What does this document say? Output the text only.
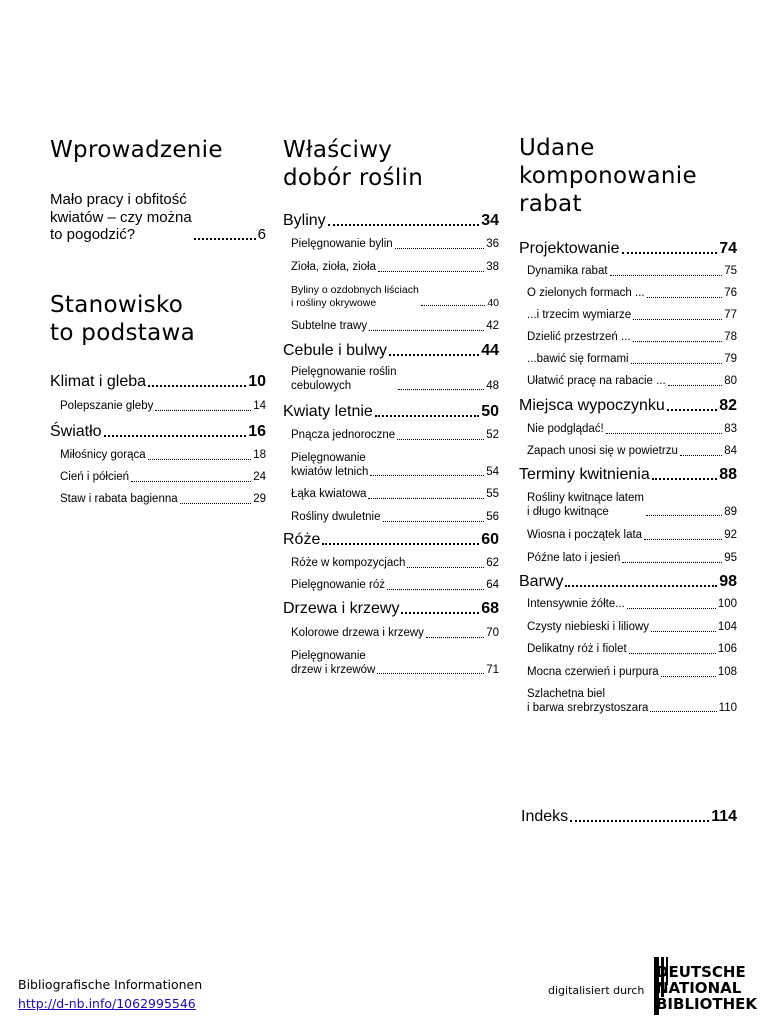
Wprowadzenie
Mało pracy i obfitość
kwiatów – czy można
to pogodzić?	6
Stanowisko
to podstawa
Klimat i gleba	10
Polepszanie gleby	14
Światło	16
Miłośnicy gorąca	18
Cień i półcień	24
Staw i rabata bagienna	29
Właściwy
dobór roślin
Byliny	34
Pielęgnowanie bylin	36
Zioła, zioła, zioła	38
Byliny o ozdobnych liściach
i rośliny okrywowe	40
Subtelne trawy	42
Cebule i bulwy	44
Pielęgnowanie roślin
cebulowych	48
Kwiaty letnie	50
Pnącza jednoroczne	52
Pielęgnowanie
kwiatów letnich	54
Łąka kwiatowa	55
Rośliny dwuletnie	56
Róże	60
Róże w kompozycjach	62
Pielęgnowanie róż	64
Drzewa i krzewy	68
Kolorowe drzewa i krzewy	70
Pielęgnowanie
drzew i krzewów	71
Udane
komponowanie
rabat
Projektowanie	74
Dynamika rabat	75
O zielonych formach ...	76
...i trzecim wymiarze	77
Dzielić przestrzeń ...	78
...bawić się formami	79
Ułatwić pracę na rabacie ...	80
Miejsca wypoczynku	82
Nie podglądać!	83
Zapach unosi się w powietrzu	84
Terminy kwitnienia	88
Rośliny kwitnące latem
i długo kwitnące	89
Wiosna i początek lata	92
Późne lato i jesień	95
Barwy	98
Intensywnie żółte...	100
Czysty niebieski i liliowy	104
Delikatny róż i fiolet	106
Mocna czerwień i purpura	108
Szlachetna biel
i barwa srebrzystoszara	110
Indeks	114
Bibliografische Informationen
http://d-nb.info/1062995546
digitalisiert durch
DEUTSCHE
NATIONAL
BIBLIOTHEK
